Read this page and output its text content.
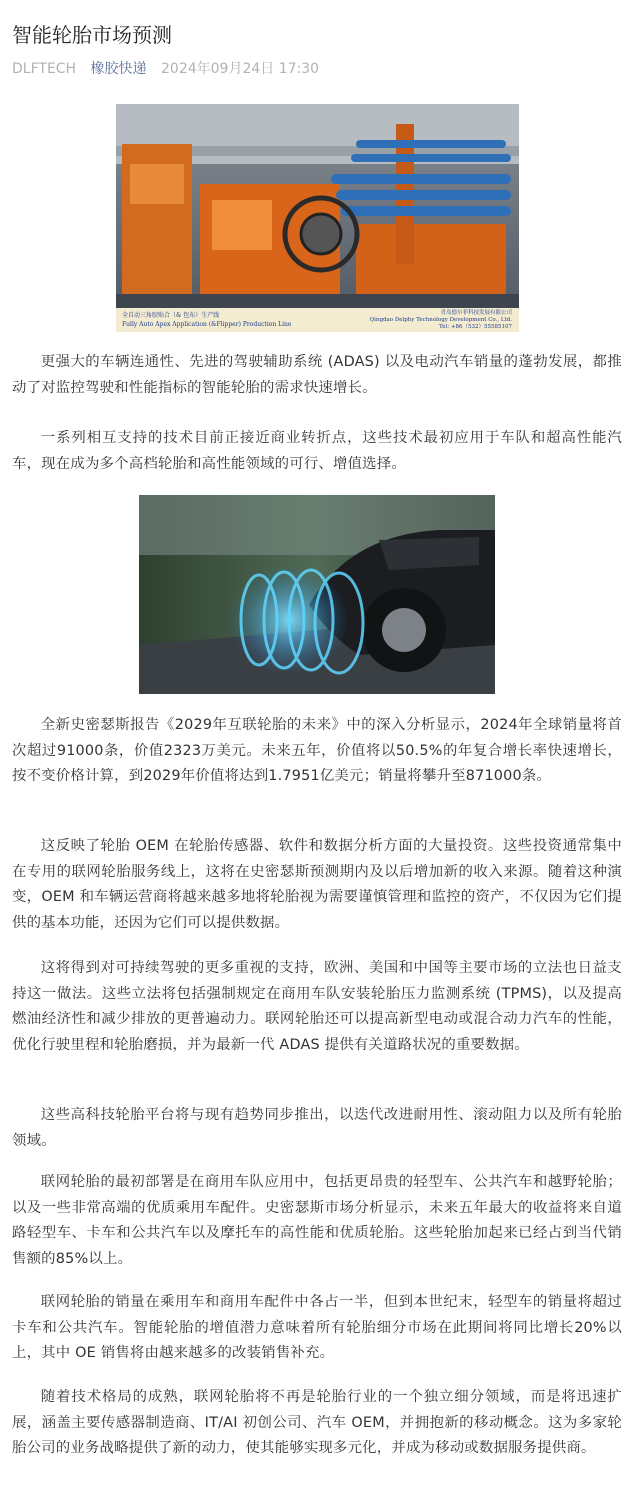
智能轮胎市场预测
DLFTECH 橡胶快递 2024年09月24日 17:30
全自动三角胶贴合（& 包布）生产线
Fully Auto Apex Application (&Flipper) Production Line
青岛德尔菲科技发展有限公司
Qingdao Delphy Technology Development Co., Ltd.
Tel: +86（532）55585107

更强大的车辆连通性、先进的驾驶辅助系统 (ADAS) 以及电动汽车销量的蓬勃发展，都推动了对监控驾驶和性能指标的智能轮胎的需求快速增长。

一系列相互支持的技术目前正接近商业转折点，这些技术最初应用于车队和超高性能汽车，现在成为多个高档轮胎和高性能领域的可行、增值选择。

全新史密瑟斯报告《2029年互联轮胎的未来》中的深入分析显示，2024年全球销量将首次超过91000条，价值2323万美元。未来五年，价值将以50.5%的年复合增长率快速增长，按不变价格计算，到2029年价值将达到1.7951亿美元；销量将攀升至871000条。

这反映了轮胎 OEM 在轮胎传感器、软件和数据分析方面的大量投资。这些投资通常集中在专用的联网轮胎服务线上，这将在史密瑟斯预测期内及以后增加新的收入来源。随着这种演变，OEM 和车辆运营商将越来越多地将轮胎视为需要谨慎管理和监控的资产，不仅因为它们提供的基本功能，还因为它们可以提供数据。

这将得到对可持续驾驶的更多重视的支持，欧洲、美国和中国等主要市场的立法也日益支持这一做法。这些立法将包括强制规定在商用车队安装轮胎压力监测系统 (TPMS)，以及提高燃油经济性和减少排放的更普遍动力。联网轮胎还可以提高新型电动或混合动力汽车的性能，优化行驶里程和轮胎磨损，并为最新一代 ADAS 提供有关道路状况的重要数据。

这些高科技轮胎平台将与现有趋势同步推出，以迭代改进耐用性、滚动阻力以及所有轮胎领域。

联网轮胎的最初部署是在商用车队应用中，包括更昂贵的轻型车、公共汽车和越野轮胎；以及一些非常高端的优质乘用车配件。史密瑟斯市场分析显示，未来五年最大的收益将来自道路轻型车、卡车和公共汽车以及摩托车的高性能和优质轮胎。这些轮胎加起来已经占到当代销售额的85%以上。

联网轮胎的销量在乘用车和商用车配件中各占一半，但到本世纪末，轻型车的销量将超过卡车和公共汽车。智能轮胎的增值潜力意味着所有轮胎细分市场在此期间将同比增长20%以上，其中 OE 销售将由越来越多的改装销售补充。

随着技术格局的成熟，联网轮胎将不再是轮胎行业的一个独立细分领域，而是将迅速扩展，涵盖主要传感器制造商、IT/AI 初创公司、汽车 OEM，并拥抱新的移动概念。这为多家轮胎公司的业务战略提供了新的动力，使其能够实现多元化，并成为移动或数据服务提供商。
